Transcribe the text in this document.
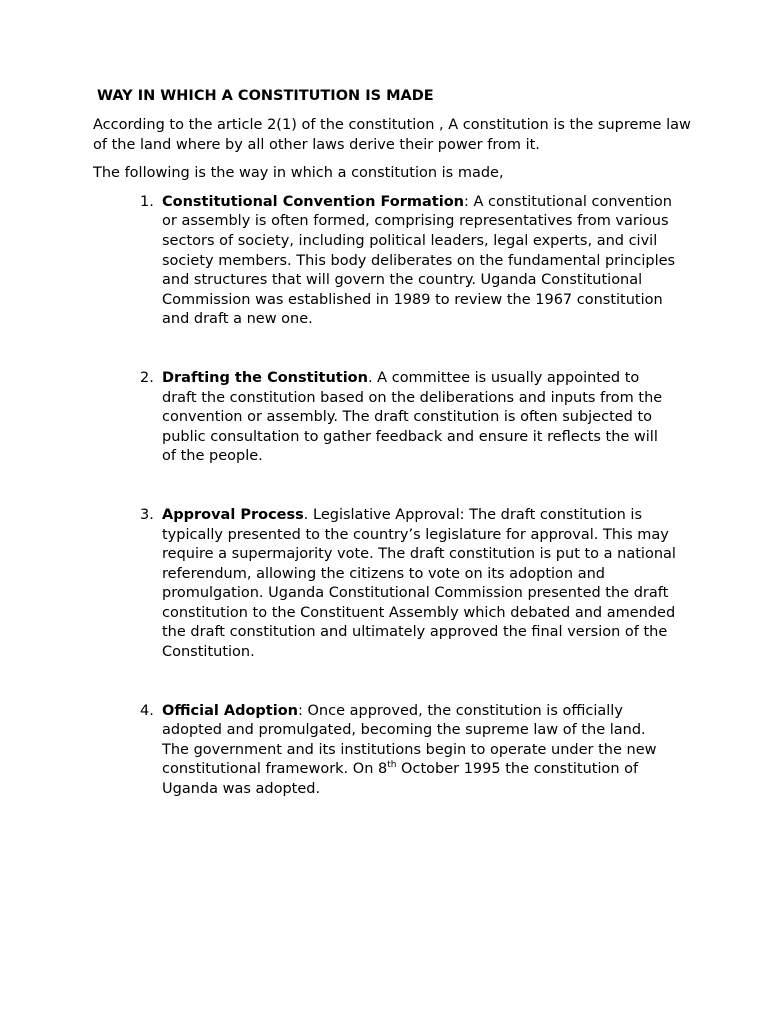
WAY IN WHICH A CONSTITUTION IS MADE

According to the article 2(1) of the constitution , A constitution is the supreme law of the land where by all other laws derive their power from it.

The following is the way in which a constitution is made,

1. Constitutional Convention Formation: A constitutional convention or assembly is often formed, comprising representatives from various sectors of society, including political leaders, legal experts, and civil society members. This body deliberates on the fundamental principles and structures that will govern the country. Uganda Constitutional Commission was established in 1989 to review the 1967 constitution and draft a new one.
2. Drafting the Constitution. A committee is usually appointed to draft the constitution based on the deliberations and inputs from the convention or assembly. The draft constitution is often subjected to public consultation to gather feedback and ensure it reflects the will of the people.
3. Approval Process. Legislative Approval: The draft constitution is typically presented to the country’s legislature for approval. This may require a supermajority vote. The draft constitution is put to a national referendum, allowing the citizens to vote on its adoption and promulgation. Uganda Constitutional Commission presented the draft constitution to the Constituent Assembly which debated and amended the draft constitution and ultimately approved the final version of the Constitution.
4. Official Adoption: Once approved, the constitution is officially adopted and promulgated, becoming the supreme law of the land. The government and its institutions begin to operate under the new constitutional framework. On 8th October 1995 the constitution of Uganda was adopted.
